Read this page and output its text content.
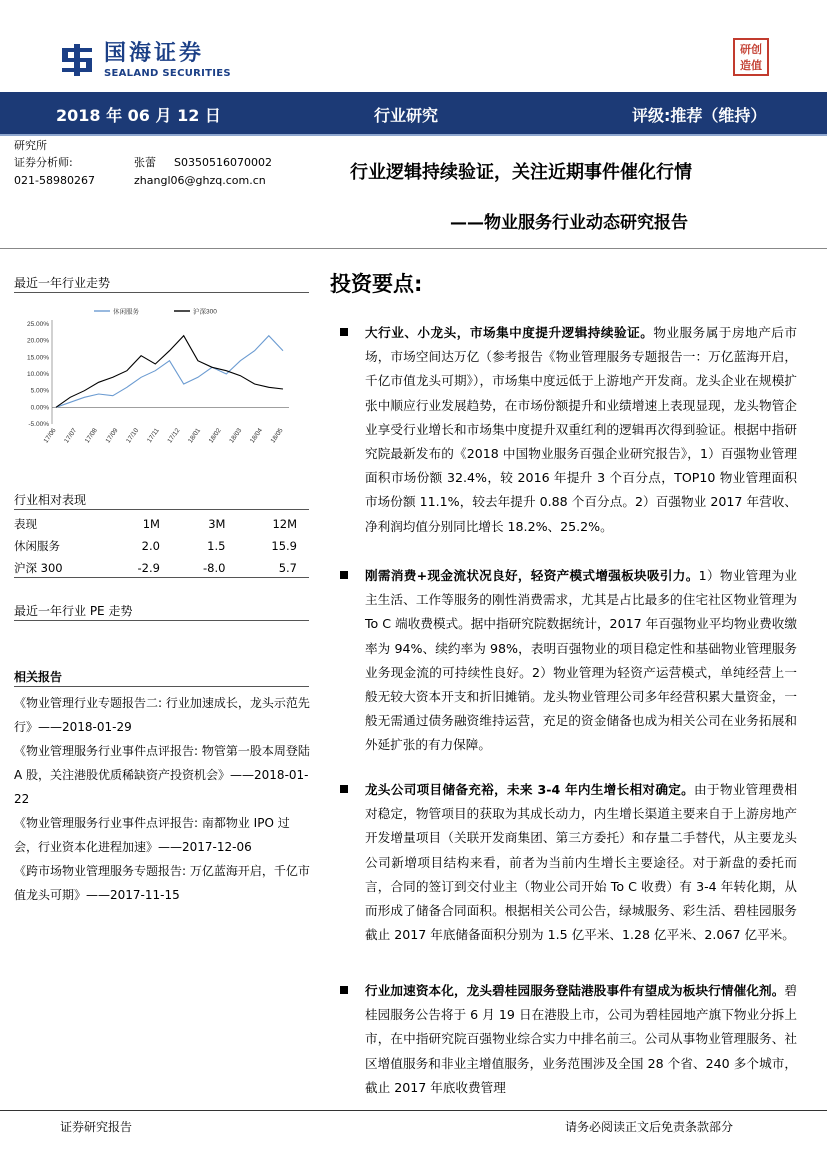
国海证券
SEALAND SECURITIES
研创
造值
2018 年 06 月 12 日	行业研究	评级:推荐（维持）
研究所
证券分析师:	张蕾 S0350516070002
021-58980267	zhangl06@ghzq.com.cn	行业逻辑持续验证，关注近期事件催化行情
——物业服务行业动态研究报告
最近一年行业走势
-5.00%
0.00%
5.00%
10.00%
15.00%
20.00%
25.00%
17/06 17/07 17/08 17/09 17/10 17/11 17/12 18/01 18/02 18/03 18/04 18/05
休闲服务	沪深300
行业相对表现
表现	1M	3M	12M
休闲服务	2.0	1.5	15.9
沪深 300	-2.9	-8.0	5.7
最近一年行业 PE 走势
相关报告

《物业管理行业专题报告二: 行业加速成长，龙头示范先行》——2018-01-29

《物业管理服务行业事件点评报告: 物管第一股本周登陆 A 股，关注港股优质稀缺资产投资机会》——2018-01-22

《物业管理服务行业事件点评报告: 南都物业 IPO 过会，行业资本化进程加速》——2017-12-06

《跨市场物业管理服务专题报告: 万亿蓝海开启，千亿市值龙头可期》——2017-11-15

投资要点:
大行业、小龙头，市场集中度提升逻辑持续验证。物业服务属于房地产后市场，市场空间达万亿（参考报告《物业管理服务专题报告一：万亿蓝海开启，千亿市值龙头可期》），市场集中度远低于上游地产开发商。龙头企业在规模扩张中顺应行业发展趋势，在市场份额提升和业绩增速上表现显现，龙头物管企业享受行业增长和市场集中度提升双重红利的逻辑再次得到验证。根据中指研究院最新发布的《2018 中国物业服务百强企业研究报告》，1）百强物业管理面积市场份额 32.4%，较 2016 年提升 3 个百分点，TOP10 物业管理面积市场份额 11.1%，较去年提升 0.88 个百分点。2）百强物业 2017 年营收、净利润均值分别同比增长 18.2%、25.2%。
刚需消费+现金流状况良好，轻资产模式增强板块吸引力。1）物业管理为业主生活、工作等服务的刚性消费需求，尤其是占比最多的住宅社区物业管理为 To C 端收费模式。据中指研究院数据统计，2017 年百强物业平均物业费收缴率为 94%、续约率为 98%，表明百强物业的项目稳定性和基础物业管理服务业务现金流的可持续性良好。2）物业管理为轻资产运营模式，单纯经营上一般无较大资本开支和折旧摊销。龙头物业管理公司多年经营积累大量资金，一般无需通过债务融资维持运营，充足的资金储备也成为相关公司在业务拓展和外延扩张的有力保障。
龙头公司项目储备充裕，未来 3-4 年内生增长相对确定。由于物业管理费相对稳定，物管项目的获取为其成长动力，内生增长渠道主要来自于上游房地产开发增量项目（关联开发商集团、第三方委托）和存量二手替代，从主要龙头公司新增项目结构来看，前者为当前内生增长主要途径。对于新盘的委托而言，合同的签订到交付业主（物业公司开始 To C 收费）有 3-4 年转化期，从而形成了储备合同面积。根据相关公司公告，绿城服务、彩生活、碧桂园服务截止 2017 年底储备面积分别为 1.5 亿平米、1.28 亿平米、2.067 亿平米。
行业加速资本化，龙头碧桂园服务登陆港股事件有望成为板块行情催化剂。碧桂园服务公告将于 6 月 19 日在港股上市，公司为碧桂园地产旗下物业分拆上市，在中指研究院百强物业综合实力中排名前三。公司从事物业管理服务、社区增值服务和非业主增值服务，业务范围涉及全国 28 个省、240 多个城市，截止 2017 年底收费管理
证券研究报告	请务必阅读正文后免责条款部分
